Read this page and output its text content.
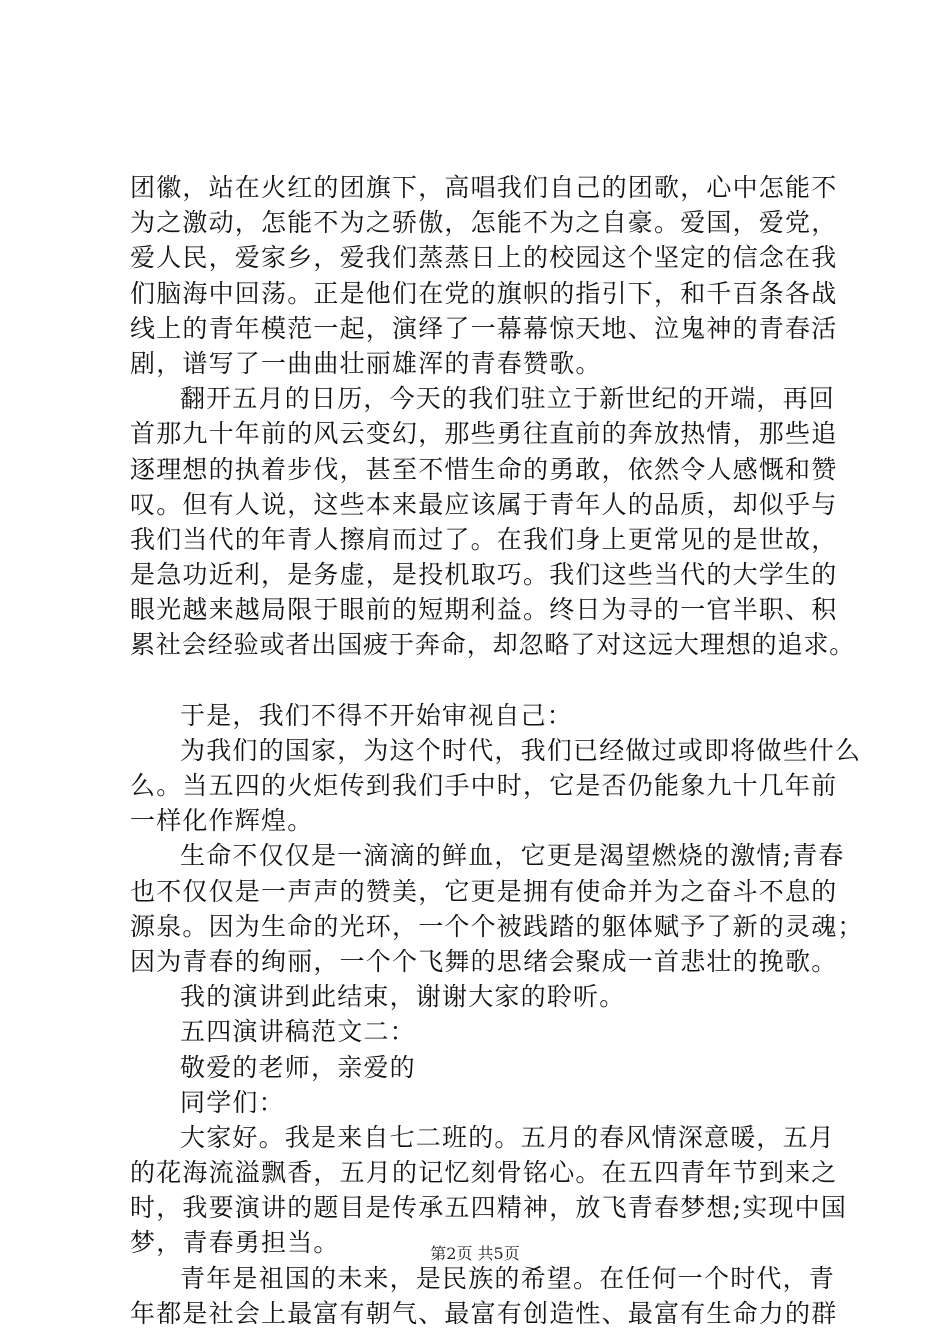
团徽，站在火红的团旗下，高唱我们自己的团歌，心中怎能不
为之激动，怎能不为之骄傲，怎能不为之自豪。爱国，爱党，
爱人民，爱家乡，爱我们蒸蒸日上的校园这个坚定的信念在我
们脑海中回荡。正是他们在党的旗帜的指引下，和千百条各战
线上的青年模范一起，演绎了一幕幕惊天地、泣鬼神的青春活
剧，谱写了一曲曲壮丽雄浑的青春赞歌。
翻开五月的日历，今天的我们驻立于新世纪的开端，再回
首那九十年前的风云变幻，那些勇往直前的奔放热情，那些追
逐理想的执着步伐，甚至不惜生命的勇敢，依然令人感慨和赞
叹。但有人说，这些本来最应该属于青年人的品质，却似乎与
我们当代的年青人擦肩而过了。在我们身上更常见的是世故，
是急功近利，是务虚，是投机取巧。我们这些当代的大学生的
眼光越来越局限于眼前的短期利益。终日为寻的一官半职、积
累社会经验或者出国疲于奔命，却忽略了对这远大理想的追求。
于是，我们不得不开始审视自己：
为我们的国家，为这个时代，我们已经做过或即将做些什么
么。当五四的火炬传到我们手中时，它是否仍能象九十几年前
一样化作辉煌。
生命不仅仅是一滴滴的鲜血，它更是渴望燃烧的激情;青春
也不仅仅是一声声的赞美，它更是拥有使命并为之奋斗不息的
源泉。因为生命的光环，一个个被践踏的躯体赋予了新的灵魂；
因为青春的绚丽，一个个飞舞的思绪会聚成一首悲壮的挽歌。
我的演讲到此结束，谢谢大家的聆听。
五四演讲稿范文二：
敬爱的老师，亲爱的
同学们：
大家好。我是来自七二班的。五月的春风情深意暖，五月
的花海流溢飘香，五月的记忆刻骨铭心。在五四青年节到来之
时，我要演讲的题目是传承五四精神，放飞青春梦想;实现中国
梦，青春勇担当。
青年是祖国的未来，是民族的希望。在任何一个时代，青
年都是社会上最富有朝气、最富有创造性、最富有生命力的群
第2页 共5页
